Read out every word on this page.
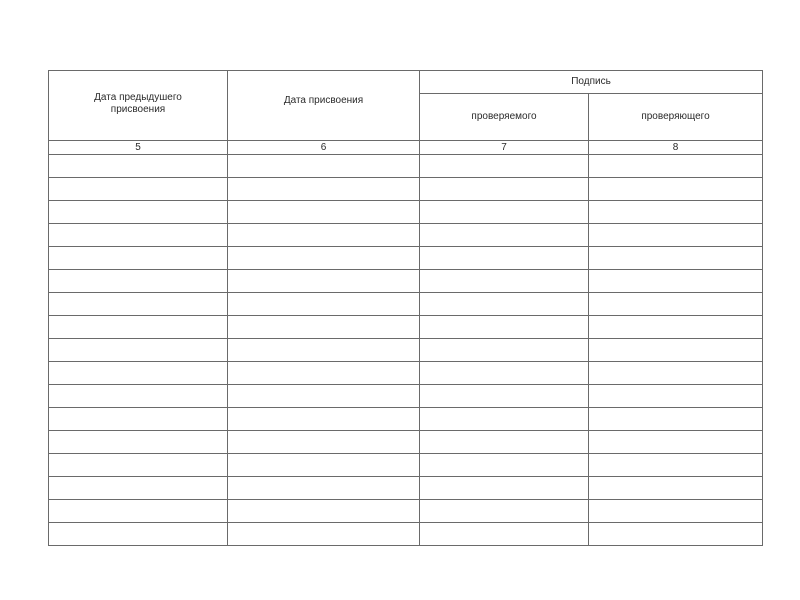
Дата предыдушего
присвоения	Дата присвоения	Подпись	
		проверяемого	проверяющего
5	6	7	8
